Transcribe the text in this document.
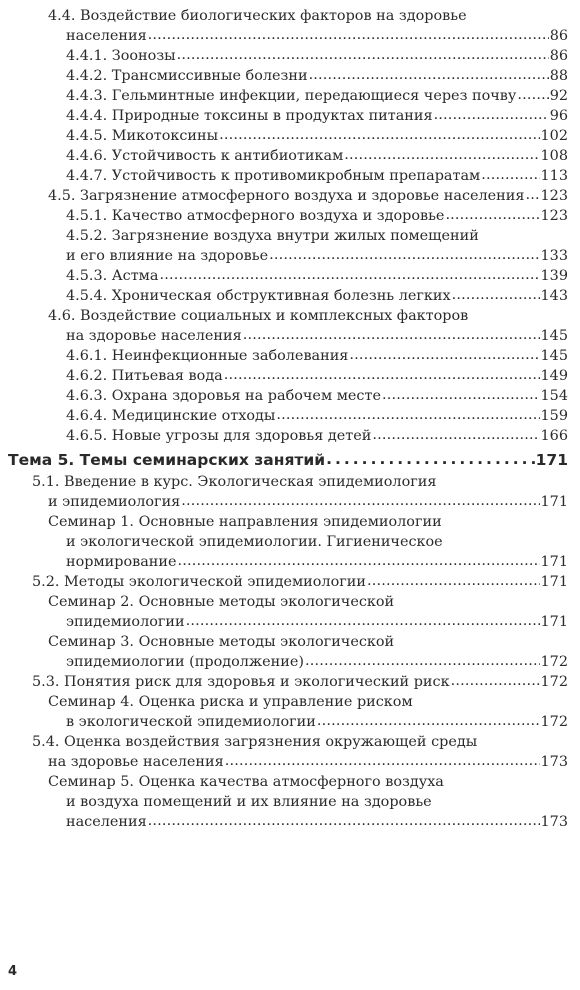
4.4. Воздействие биологических факторов на здоровье
населения . . .	86
4.4.1. Зоонозы . . .	86
4.4.2. Трансмиссивные болезни . . .	88
4.4.3. Гельминтные инфекции, передающиеся через почву . . . 92
4.4.4. Природные токсины в продуктах питания . . .	96
4.4.5. Микотоксины . . .	102
4.4.6. Устойчивость к антибиотикам . . .	108
4.4.7. Устойчивость к противомикробным препаратам . . .	113
4.5. Загрязнение атмосферного воздуха и здоровье населения . . . 123
4.5.1. Качество атмосферного воздуха и здоровье . . .	123
4.5.2. Загрязнение воздуха внутри жилых помещений
и его влияние на здоровье . . .	133
4.5.3. Астма . . .	139
4.5.4. Хроническая обструктивная болезнь легких . . .	143
4.6. Воздействие социальных и комплексных факторов
на здоровье населения . . .	145
4.6.1. Неинфекционные заболевания . . .	145
4.6.2. Питьевая вода . . .	149
4.6.3. Охрана здоровья на рабочем месте . . .	154
4.6.4. Медицинские отходы . . .	159
4.6.5. Новые угрозы для здоровья детей . . .	166
Тема 5. Темы семинарских занятий . . .	171
5.1. Введение в курс. Экологическая эпидемиология
и эпидемиология . . .	171
Семинар 1. Основные направления эпидемиологии
и экологической эпидемиологии. Гигиеническое
нормирование . . .	171
5.2. Методы экологической эпидемиологии . . .	171
Семинар 2. Основные методы экологической
эпидемиологии . . .	171
Семинар 3. Основные методы экологической
эпидемиологии (продолжение) . . .	172
5.3. Понятия риск для здоровья и экологический риск . . .	172
Семинар 4. Оценка риска и управление риском
в экологической эпидемиологии . . .	172
5.4. Оценка воздействия загрязнения окружающей среды
на здоровье населения . . .	173
Семинар 5. Оценка качества атмосферного воздуха
и воздуха помещений и их влияние на здоровье
населения . . .	173
4
